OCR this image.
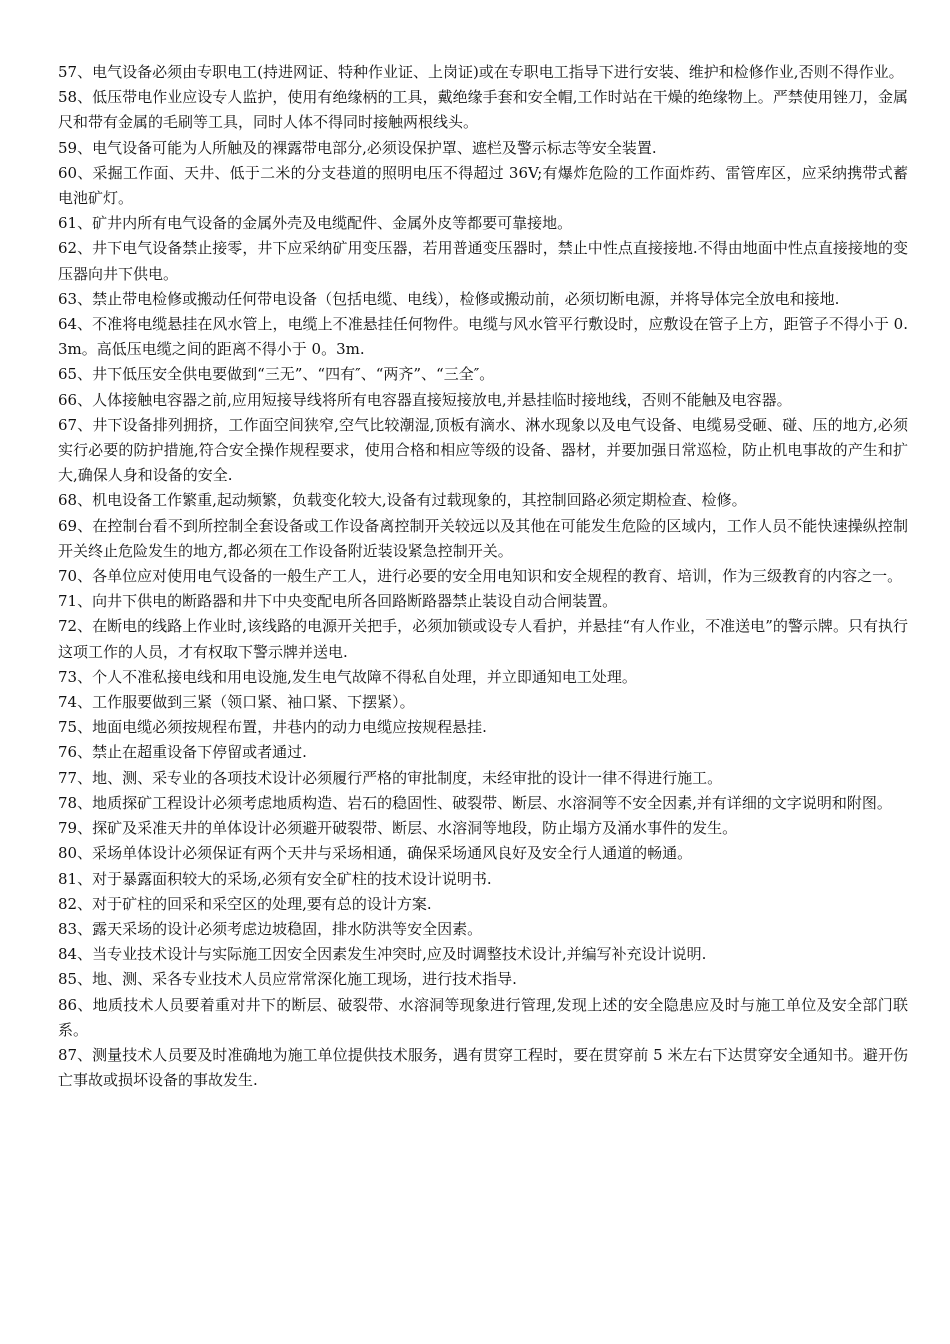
57、电气设备必须由专职电工(持进网证、特种作业证、上岗证)或在专职电工指导下进行安装、维护和检修作业,否则不得作业。

58、低压带电作业应设专人监护，使用有绝缘柄的工具，戴绝缘手套和安全帽,工作时站在干燥的绝缘物上。严禁使用锉刀，金属尺和带有金属的毛刷等工具，同时人体不得同时接触两根线头。

59、电气设备可能为人所触及的裸露带电部分,必须设保护罩、遮栏及警示标志等安全装置.

60、采掘工作面、天井、低于二米的分支巷道的照明电压不得超过 36V;有爆炸危险的工作面炸药、雷管库区，应采纳携带式蓄电池矿灯。

61、矿井内所有电气设备的金属外壳及电缆配件、金属外皮等都要可靠接地。

62、井下电气设备禁止接零，井下应采纳矿用变压器，若用普通变压器时，禁止中性点直接接地.不得由地面中性点直接接地的变压器向井下供电。

63、禁止带电检修或搬动任何带电设备（包括电缆、电线），检修或搬动前，必须切断电源，并将导体完全放电和接地.

64、不准将电缆悬挂在风水管上，电缆上不准悬挂任何物件。电缆与风水管平行敷设时，应敷设在管子上方，距管子不得小于 0.3m。高低压电缆之间的距离不得小于 0。3m.

65、井下低压安全供电要做到“三无”、“四有″、“两齐”、“三全″。

66、人体接触电容器之前,应用短接导线将所有电容器直接短接放电,并悬挂临时接地线，否则不能触及电容器。

67、井下设备排列拥挤，工作面空间狭窄,空气比较潮湿,顶板有滴水、淋水现象以及电气设备、电缆易受砸、碰、压的地方,必须实行必要的防护措施,符合安全操作规程要求，使用合格和相应等级的设备、器材，并要加强日常巡检，防止机电事故的产生和扩大,确保人身和设备的安全.

68、机电设备工作繁重,起动频繁，负载变化较大,设备有过载现象的，其控制回路必须定期检查、检修。

69、在控制台看不到所控制全套设备或工作设备离控制开关较远以及其他在可能发生危险的区域内，工作人员不能快速操纵控制开关终止危险发生的地方,都必须在工作设备附近装设紧急控制开关。

70、各单位应对使用电气设备的一般生产工人，进行必要的安全用电知识和安全规程的教育、培训，作为三级教育的内容之一。

71、向井下供电的断路器和井下中央变配电所各回路断路器禁止装设自动合闸装置。

72、在断电的线路上作业时,该线路的电源开关把手，必须加锁或设专人看护，并悬挂“有人作业，不准送电”的警示牌。只有执行这项工作的人员，才有权取下警示牌并送电.

73、个人不准私接电线和用电设施,发生电气故障不得私自处理，并立即通知电工处理。

74、工作服要做到三紧（领口紧、袖口紧、下摆紧）。

75、地面电缆必须按规程布置，井巷内的动力电缆应按规程悬挂.

76、禁止在超重设备下停留或者通过.

77、地、测、采专业的各项技术设计必须履行严格的审批制度，未经审批的设计一律不得进行施工。

78、地质探矿工程设计必须考虑地质构造、岩石的稳固性、破裂带、断层、水溶洞等不安全因素,并有详细的文字说明和附图。

79、探矿及采准天井的单体设计必须避开破裂带、断层、水溶洞等地段，防止塌方及涌水事件的发生。

80、采场单体设计必须保证有两个天井与采场相通，确保采场通风良好及安全行人通道的畅通。

81、对于暴露面积较大的采场,必须有安全矿柱的技术设计说明书.

82、对于矿柱的回采和采空区的处理,要有总的设计方案.

83、露天采场的设计必须考虑边坡稳固，排水防洪等安全因素。

84、当专业技术设计与实际施工因安全因素发生冲突时,应及时调整技术设计,并编写补充设计说明.

85、地、测、采各专业技术人员应常常深化施工现场，进行技术指导.

86、地质技术人员要着重对井下的断层、破裂带、水溶洞等现象进行管理,发现上述的安全隐患应及时与施工单位及安全部门联系。

87、测量技术人员要及时准确地为施工单位提供技术服务，遇有贯穿工程时，要在贯穿前 5 米左右下达贯穿安全通知书。避开伤亡事故或损坏设备的事故发生.
